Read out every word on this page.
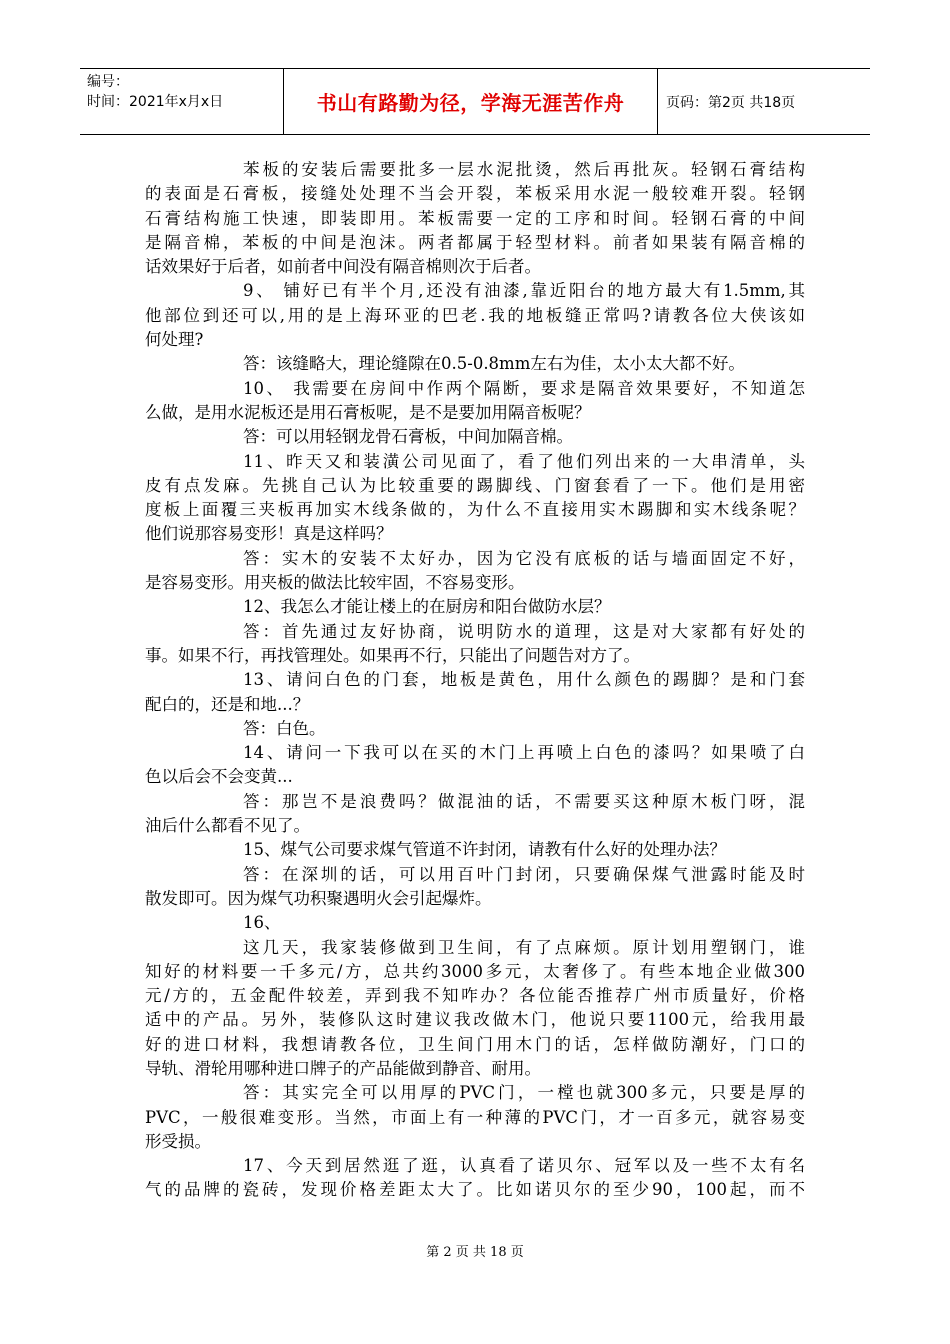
编号：
时间：2021年x月x日	书山有路勤为径，学海无涯苦作舟	页码：第2页 共18页
苯板的安装后需要批多一层水泥批烫，然后再批灰。轻钢石膏结构
的表面是石膏板，接缝处处理不当会开裂，苯板采用水泥一般较难开裂。轻钢
石膏结构施工快速，即装即用。苯板需要一定的工序和时间。轻钢石膏的中间
是隔音棉，苯板的中间是泡沫。两者都属于轻型材料。前者如果装有隔音棉的
话效果好于后者，如前者中间没有隔音棉则次于后者。
9、 铺好已有半个月,还没有油漆,靠近阳台的地方最大有1.5mm,其
他部位到还可以,用的是上海环亚的巴老.我的地板缝正常吗?请教各位大侠该如
何处理?
答：该缝略大，理论缝隙在0.5-0.8mm左右为佳，太小太大都不好。
10、 我需要在房间中作两个隔断，要求是隔音效果要好，不知道怎
么做，是用水泥板还是用石膏板呢，是不是要加用隔音板呢？
答：可以用轻钢龙骨石膏板，中间加隔音棉。
11、昨天又和装潢公司见面了，看了他们列出来的一大串清单，头
皮有点发麻。先挑自己认为比较重要的踢脚线、门窗套看了一下。他们是用密
度板上面覆三夹板再加实木线条做的，为什么不直接用实木踢脚和实木线条呢？
他们说那容易变形！真是这样吗？
答：实木的安装不太好办，因为它没有底板的话与墙面固定不好，
是容易变形。用夹板的做法比较牢固，不容易变形。
12、我怎么才能让楼上的在厨房和阳台做防水层？
答：首先通过友好协商，说明防水的道理，这是对大家都有好处的
事。如果不行，再找管理处。如果再不行，只能出了问题告对方了。
13、请问白色的门套，地板是黄色，用什么颜色的踢脚？是和门套
配白的，还是和地...？
答：白色。
14、请问一下我可以在买的木门上再喷上白色的漆吗？如果喷了白
色以后会不会变黄...
答：那岂不是浪费吗？做混油的话，不需要买这种原木板门呀，混
油后什么都看不见了。
15、煤气公司要求煤气管道不许封闭，请教有什么好的处理办法？
答：在深圳的话，可以用百叶门封闭，只要确保煤气泄露时能及时
散发即可。因为煤气功积聚遇明火会引起爆炸。
16、
这几天，我家装修做到卫生间，有了点麻烦。原计划用塑钢门，谁
知好的材料要一千多元/方，总共约3000多元，太奢侈了。有些本地企业做300
元/方的，五金配件较差，弄到我不知咋办？各位能否推荐广州市质量好，价格
适中的产品。另外，装修队这时建议我改做木门，他说只要1100元，给我用最
好的进口材料，我想请教各位，卫生间门用木门的话，怎样做防潮好，门口的
导轨、滑轮用哪种进口牌子的产品能做到静音、耐用。
答：其实完全可以用厚的PVC门，一樘也就300多元，只要是厚的
PVC，一般很难变形。当然，市面上有一种薄的PVC门，才一百多元，就容易变
形受损。
17、今天到居然逛了逛，认真看了诺贝尔、冠军以及一些不太有名
气的品牌的瓷砖，发现价格差距太大了。比如诺贝尔的至少90，100起，而不
第 2 页 共 18 页
